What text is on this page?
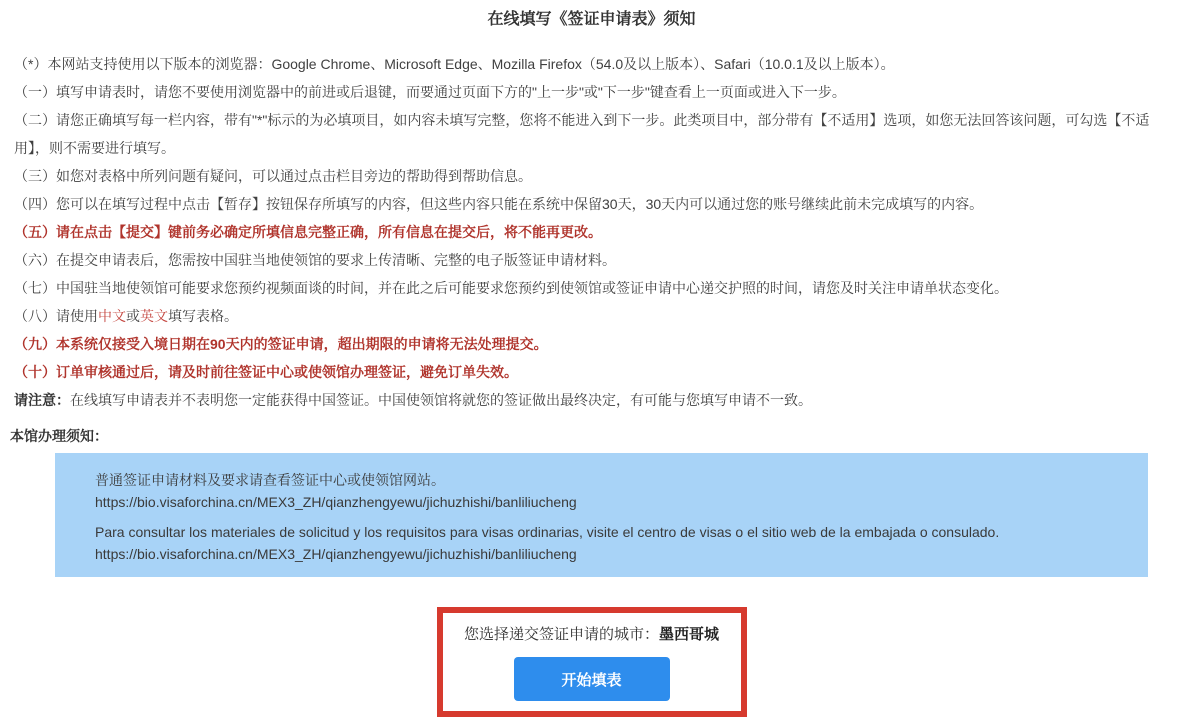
在线填写《签证申请表》须知

（*）本网站支持使用以下版本的浏览器：Google Chrome、Microsoft Edge、Mozilla Firefox（54.0及以上版本）、Safari（10.0.1及以上版本）。

（一）填写申请表时，请您不要使用浏览器中的前进或后退键，而要通过页面下方的"上一步"或"下一步"键查看上一页面或进入下一步。

（二）请您正确填写每一栏内容，带有"*"标示的为必填项目，如内容未填写完整，您将不能进入到下一步。此类项目中，部分带有【不适用】选项，如您无法回答该问题，可勾选【不适用】，则不需要进行填写。

（三）如您对表格中所列问题有疑问，可以通过点击栏目旁边的帮助得到帮助信息。

（四）您可以在填写过程中点击【暂存】按钮保存所填写的内容，但这些内容只能在系统中保留30天，30天内可以通过您的账号继续此前未完成填写的内容。

（五）请在点击【提交】键前务必确定所填信息完整正确，所有信息在提交后，将不能再更改。

（六）在提交申请表后，您需按中国驻当地使领馆的要求上传清晰、完整的电子版签证申请材料。

（七）中国驻当地使领馆可能要求您预约视频面谈的时间，并在此之后可能要求您预约到使领馆或签证申请中心递交护照的时间，请您及时关注申请单状态变化。

（八）请使用中文或英文填写表格。

（九）本系统仅接受入境日期在90天内的签证申请，超出期限的申请将无法处理提交。

（十）订单审核通过后，请及时前往签证中心或使领馆办理签证，避免订单失效。

请注意：在线填写申请表并不表明您一定能获得中国签证。中国使领馆将就您的签证做出最终决定，有可能与您填写申请不一致。

本馆办理须知：

普通签证申请材料及要求请查看签证中心或使领馆网站。

https://bio.visaforchina.cn/MEX3_ZH/qianzhengyewu/jichuzhishi/banliliucheng

Para consultar los materiales de solicitud y los requisitos para visas ordinarias, visite el centro de visas o el sitio web de la embajada o consulado.

https://bio.visaforchina.cn/MEX3_ZH/qianzhengyewu/jichuzhishi/banliliucheng

您选择递交签证申请的城市：墨西哥城

开始填表
